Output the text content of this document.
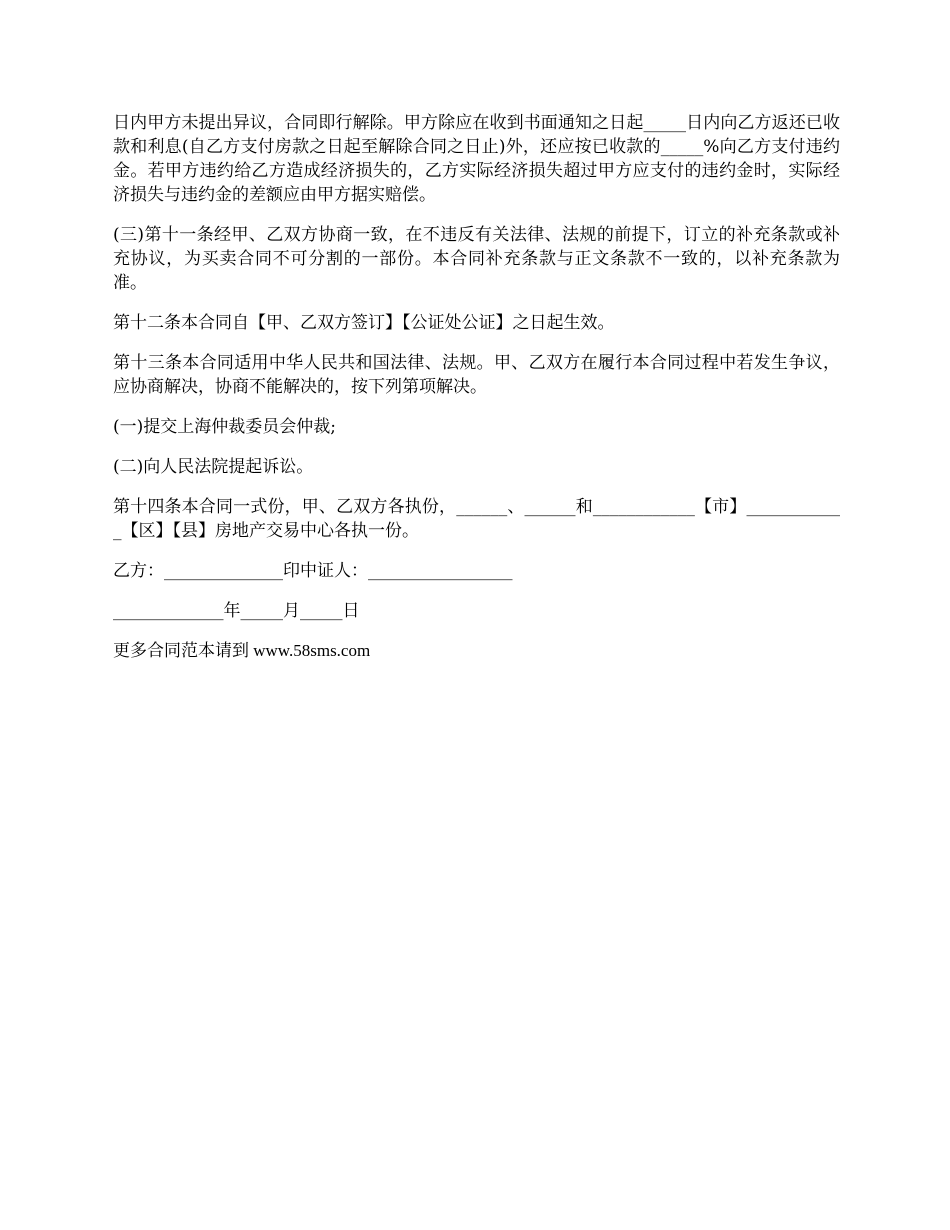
日内甲方未提出异议，合同即行解除。甲方除应在收到书面通知之日起_____日内向乙方返还已收款和利息(自乙方支付房款之日起至解除合同之日止)外，还应按已收款的_____%向乙方支付违约金。若甲方违约给乙方造成经济损失的，乙方实际经济损失超过甲方应支付的违约金时，实际经济损失与违约金的差额应由甲方据实赔偿。

(三)第十一条经甲、乙双方协商一致，在不违反有关法律、法规的前提下，订立的补充条款或补充协议，为买卖合同不可分割的一部份。本合同补充条款与正文条款不一致的，以补充条款为准。

第十二条本合同自【甲、乙双方签订】【公证处公证】之日起生效。

第十三条本合同适用中华人民共和国法律、法规。甲、乙双方在履行本合同过程中若发生争议，应协商解决，协商不能解决的，按下列第项解决。

(一)提交上海仲裁委员会仲裁;

(二)向人民法院提起诉讼。

第十四条本合同一式份，甲、乙双方各执份，______、______和____________【市】____________【区】【县】房地产交易中心各执一份。

乙方：______________印中证人：_________________

_____________年_____月_____日

更多合同范本请到 www.58sms.com
